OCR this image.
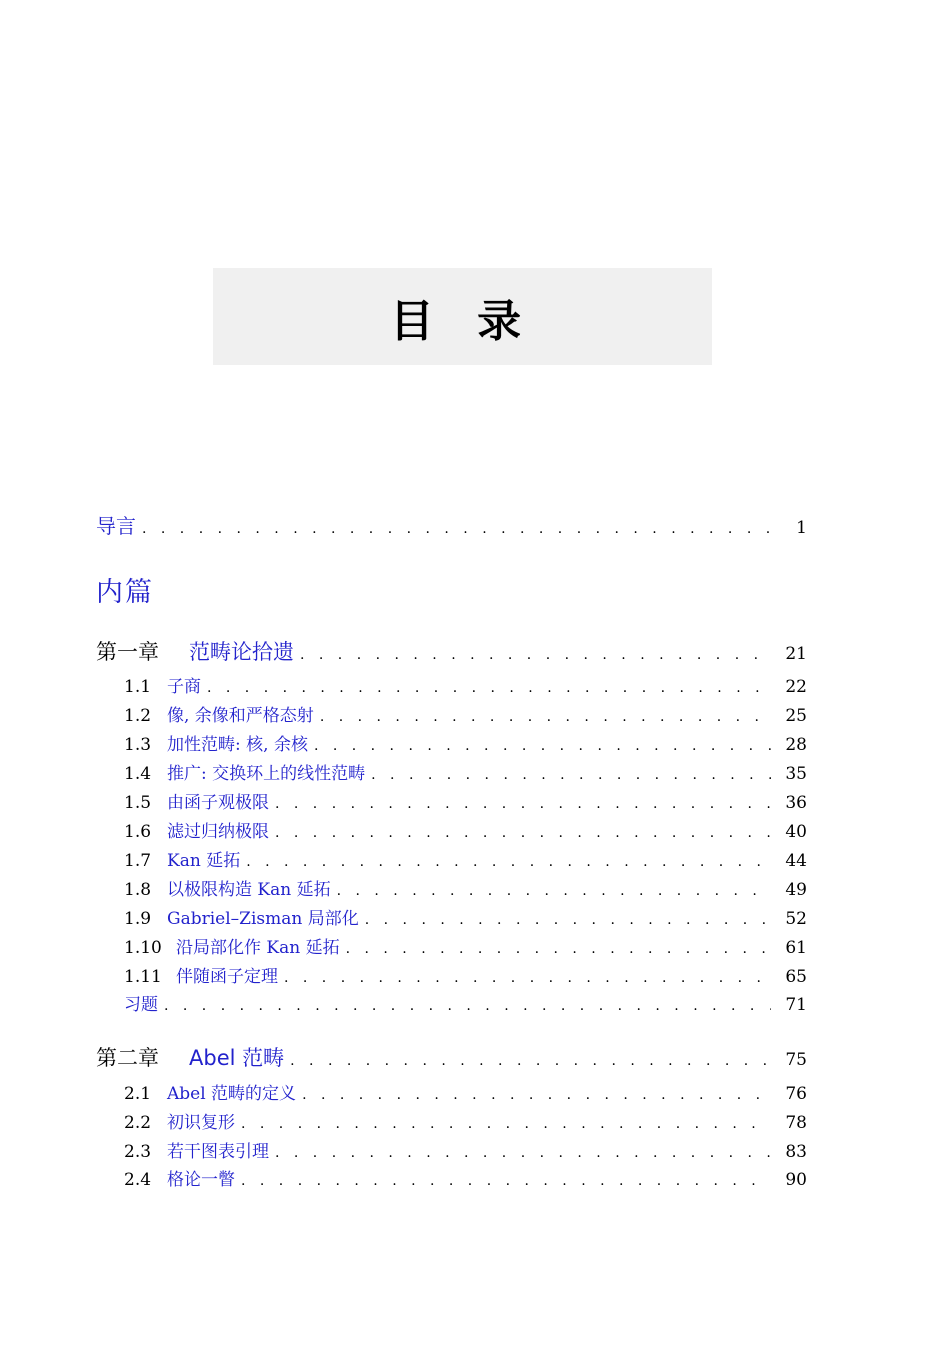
目 录
导言 . . .	1
内篇
第一章 范畴论拾遗 . . .	21
1.1 子商 . . .	22
1.2 像, 余像和严格态射 . . .	25
1.3 加性范畴: 核, 余核 . . .	28
1.4 推广: 交换环上的线性范畴 . . .	35
1.5 由函子观极限 . . .	36
1.6 滤过归纳极限 . . .	40
1.7 Kan 延拓 . . .	44
1.8 以极限构造 Kan 延拓 . . .	49
1.9 Gabriel–Zisman 局部化 . . .	52
1.10 沿局部化作 Kan 延拓 . . .	61
1.11 伴随函子定理 . . .	65
习题 . . .	71
第二章 Abel 范畴 . . .	75
2.1 Abel 范畴的定义 . . .	76
2.2 初识复形 . . .	78
2.3 若干图表引理 . . .	83
2.4 格论一瞥 . . .	90
